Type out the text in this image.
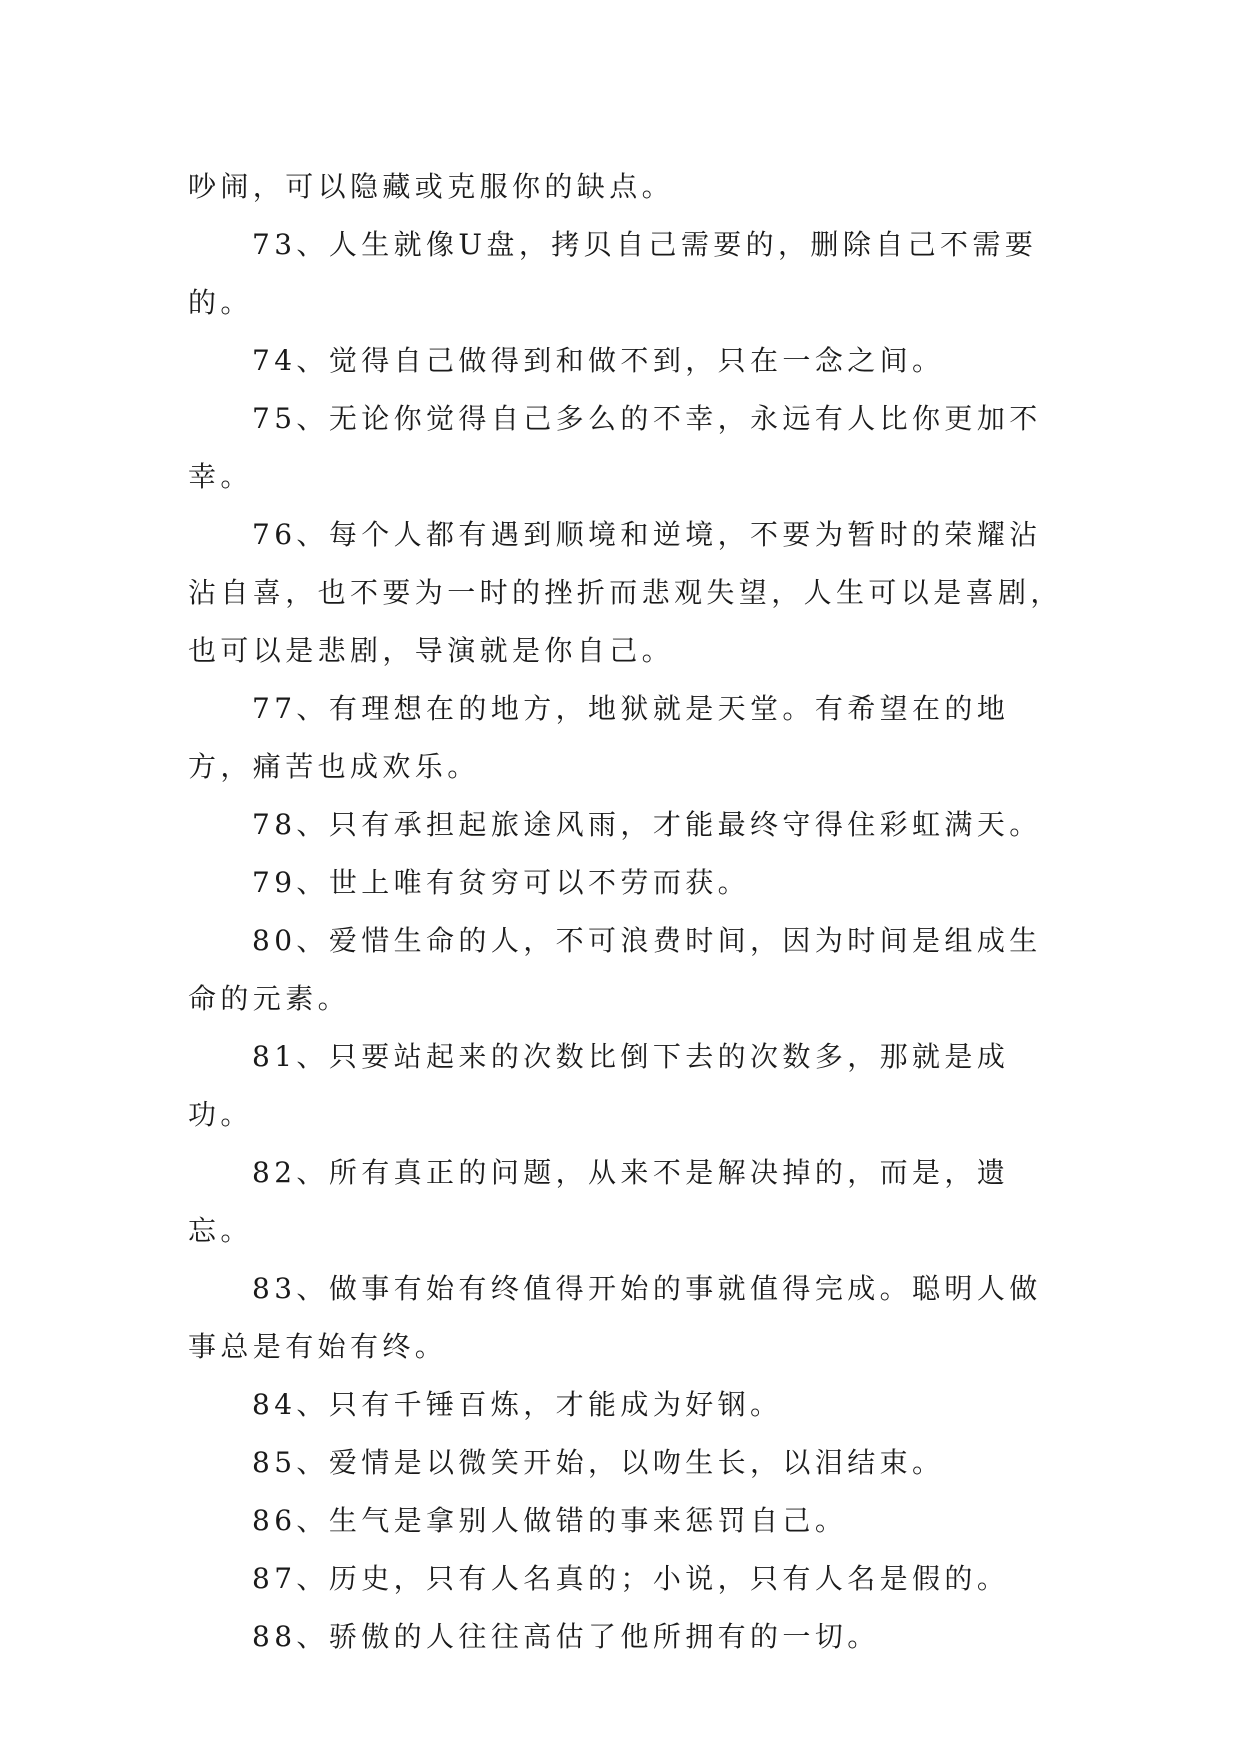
吵闹，可以隐藏或克服你的缺点。

73、人生就像U盘，拷贝自己需要的，删除自己不需要的。

74、觉得自己做得到和做不到，只在一念之间。

75、无论你觉得自己多么的不幸，永远有人比你更加不幸。

76、每个人都有遇到顺境和逆境，不要为暂时的荣耀沾沾自喜，也不要为一时的挫折而悲观失望，人生可以是喜剧，也可以是悲剧，导演就是你自己。

77、有理想在的地方，地狱就是天堂。有希望在的地方，痛苦也成欢乐。

78、只有承担起旅途风雨，才能最终守得住彩虹满天。

79、世上唯有贫穷可以不劳而获。

80、爱惜生命的人，不可浪费时间，因为时间是组成生命的元素。

81、只要站起来的次数比倒下去的次数多，那就是成功。

82、所有真正的问题，从来不是解决掉的，而是，遗忘。

83、做事有始有终值得开始的事就值得完成。聪明人做事总是有始有终。

84、只有千锤百炼，才能成为好钢。

85、爱情是以微笑开始，以吻生长，以泪结束。

86、生气是拿别人做错的事来惩罚自己。

87、历史，只有人名真的；小说，只有人名是假的。

88、骄傲的人往往高估了他所拥有的一切。
